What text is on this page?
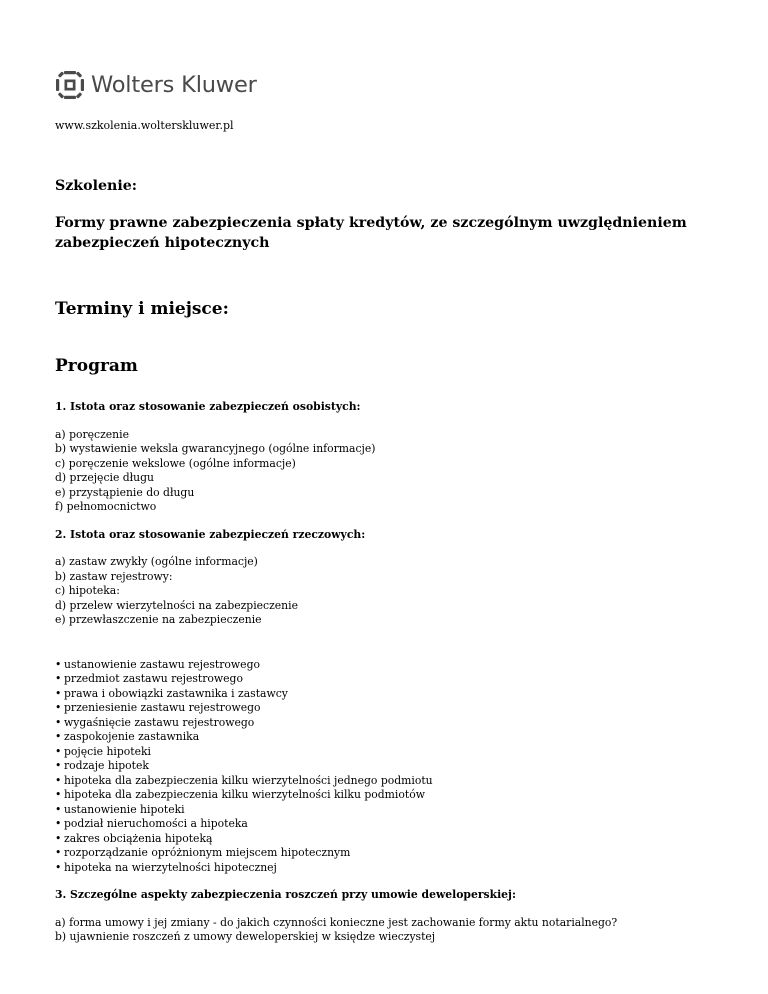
Wolters Kluwer

www.szkolenia.wolterskluwer.pl

Szkolenie:
Formy prawne zabezpieczenia spłaty kredytów, ze szczególnym uwzględnieniem zabezpieczeń hipotecznych
Terminy i miejsce:
Program

1. Istota oraz stosowanie zabezpieczeń osobistych:

a) poręczenie
b) wystawienie weksla gwarancyjnego (ogólne informacje)
c) poręczenie wekslowe (ogólne informacje)
d) przejęcie długu
e) przystąpienie do długu
f) pełnomocnictwo

2. Istota oraz stosowanie zabezpieczeń rzeczowych:

a) zastaw zwykły (ogólne informacje)
b) zastaw rejestrowy:
c) hipoteka:
d) przelew wierzytelności na zabezpieczenie
e) przewłaszczenie na zabezpieczenie
• ustanowienie zastawu rejestrowego
• przedmiot zastawu rejestrowego
• prawa i obowiązki zastawnika i zastawcy
• przeniesienie zastawu rejestrowego
• wygaśnięcie zastawu rejestrowego
• zaspokojenie zastawnika
• pojęcie hipoteki
• rodzaje hipotek
• hipoteka dla zabezpieczenia kilku wierzytelności jednego podmiotu
• hipoteka dla zabezpieczenia kilku wierzytelności kilku podmiotów
• ustanowienie hipoteki
• podział nieruchomości a hipoteka
• zakres obciążenia hipoteką
• rozporządzanie opróżnionym miejscem hipotecznym
• hipoteka na wierzytelności hipotecznej

3. Szczególne aspekty zabezpieczenia roszczeń przy umowie deweloperskiej:

a) forma umowy i jej zmiany - do jakich czynności konieczne jest zachowanie formy aktu notarialnego?
b) ujawnienie roszczeń z umowy deweloperskiej w księdze wieczystej
